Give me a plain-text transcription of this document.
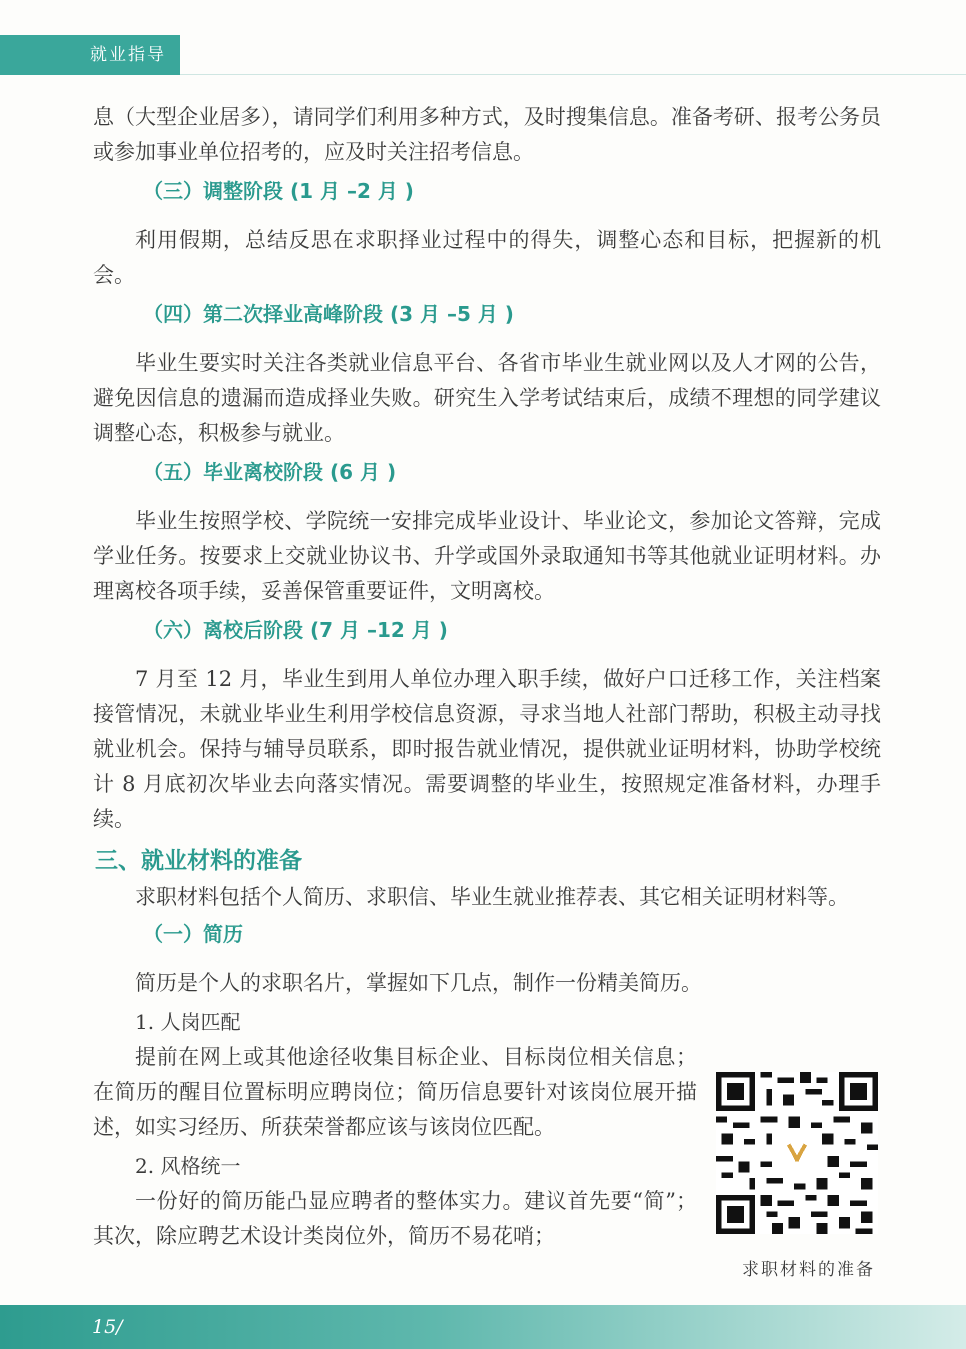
就业指导

息（大型企业居多），请同学们利用多种方式，及时搜集信息。准备考研、报考公务员或参加事业单位招考的，应及时关注招考信息。

（三）调整阶段 (1 月 –2 月 )

利用假期，总结反思在求职择业过程中的得失，调整心态和目标，把握新的机会。

（四）第二次择业高峰阶段 (3 月 –5 月 )

毕业生要实时关注各类就业信息平台、各省市毕业生就业网以及人才网的公告，避免因信息的遗漏而造成择业失败。研究生入学考试结束后，成绩不理想的同学建议调整心态，积极参与就业。

（五）毕业离校阶段 (6 月 )

毕业生按照学校、学院统一安排完成毕业设计、毕业论文，参加论文答辩，完成学业任务。按要求上交就业协议书、升学或国外录取通知书等其他就业证明材料。办理离校各项手续，妥善保管重要证件，文明离校。

（六）离校后阶段 (7 月 –12 月 )

7 月至 12 月，毕业生到用人单位办理入职手续，做好户口迁移工作，关注档案接管情况，未就业毕业生利用学校信息资源，寻求当地人社部门帮助，积极主动寻找就业机会。保持与辅导员联系，即时报告就业情况，提供就业证明材料，协助学校统计 8 月底初次毕业去向落实情况。需要调整的毕业生，按照规定准备材料，办理手续。

三、就业材料的准备

求职材料包括个人简历、求职信、毕业生就业推荐表、其它相关证明材料等。

（一）简历

简历是个人的求职名片，掌握如下几点，制作一份精美简历。

1. 人岗匹配

提前在网上或其他途径收集目标企业、目标岗位相关信息；在简历的醒目位置标明应聘岗位；简历信息要针对该岗位展开描述，如实习经历、所获荣誉都应该与该岗位匹配。

2. 风格统一

一份好的简历能凸显应聘者的整体实力。建议首先要“简”；其次，除应聘艺术设计类岗位外，简历不易花哨；

求职材料的准备
15/
